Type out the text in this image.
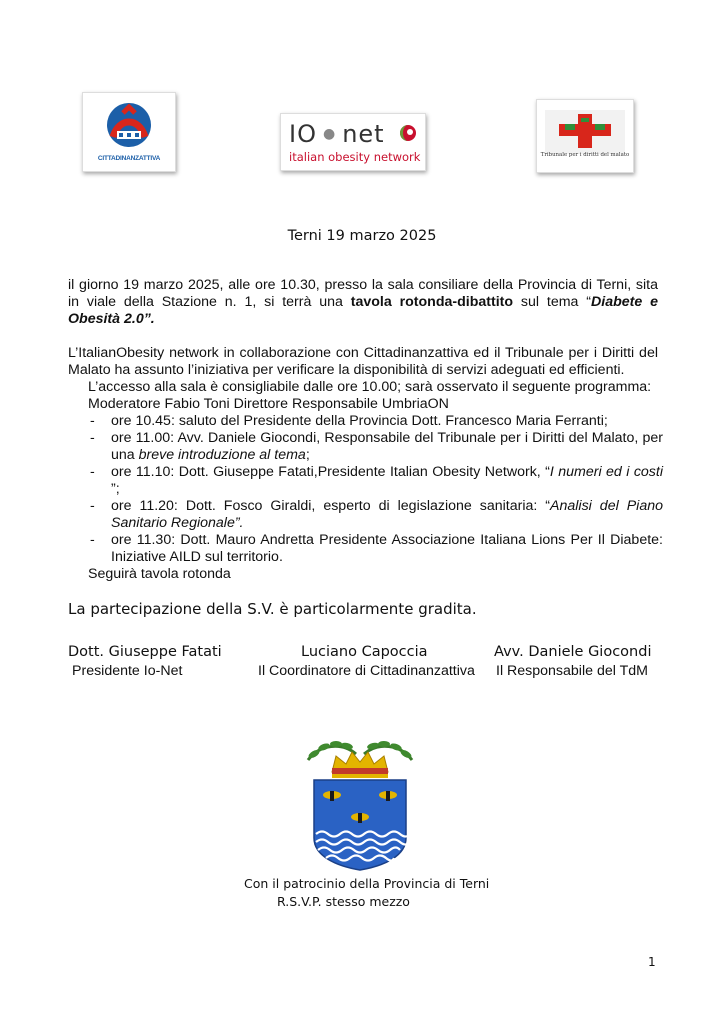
CITTADINANZATTIVA
IO ● net
italian obesity network	Tribunale per i diritti del malato
Terni 19 marzo 2025
il giorno 19 marzo 2025, alle ore 10.30, presso la sala consiliare della Provincia di Terni, sita in viale della Stazione n. 1, si terrà una tavola rotonda-dibattito sul tema “Diabete e Obesità 2.0”.
L’ItalianObesity network in collaborazione con Cittadinanzattiva ed il Tribunale per i Diritti del Malato ha assunto l’iniziativa per verificare la disponibilità di servizi adeguati ed efficienti.
L’accesso alla sala è consigliabile dalle ore 10.00; sarà osservato il seguente programma:
Moderatore Fabio Toni Direttore Responsabile UmbriaON
- ore 10.45: saluto del Presidente della Provincia Dott. Francesco Maria Ferranti;
- ore 11.00: Avv. Daniele Giocondi, Responsabile del Tribunale per i Diritti del Malato, per una breve introduzione al tema;
- ore 11.10: Dott. Giuseppe Fatati,Presidente Italian Obesity Network, “I numeri ed i costi ”;
- ore 11.20: Dott. Fosco Giraldi, esperto di legislazione sanitaria: “Analisi del Piano Sanitario Regionale”.
- ore 11.30: Dott. Mauro Andretta Presidente Associazione Italiana Lions Per Il Diabete: Iniziative AILD sul territorio.
Seguirà tavola rotonda
La partecipazione della S.V. è particolarmente gradita.
Dott. Giuseppe Fatati
Presidente Io-Net
Luciano Capoccia
Il Coordinatore di Cittadinanzattiva
Avv. Daniele Giocondi
Il Responsabile del TdM
Con il patrocinio della Provincia di Terni
R.S.V.P. stesso mezzo
1
